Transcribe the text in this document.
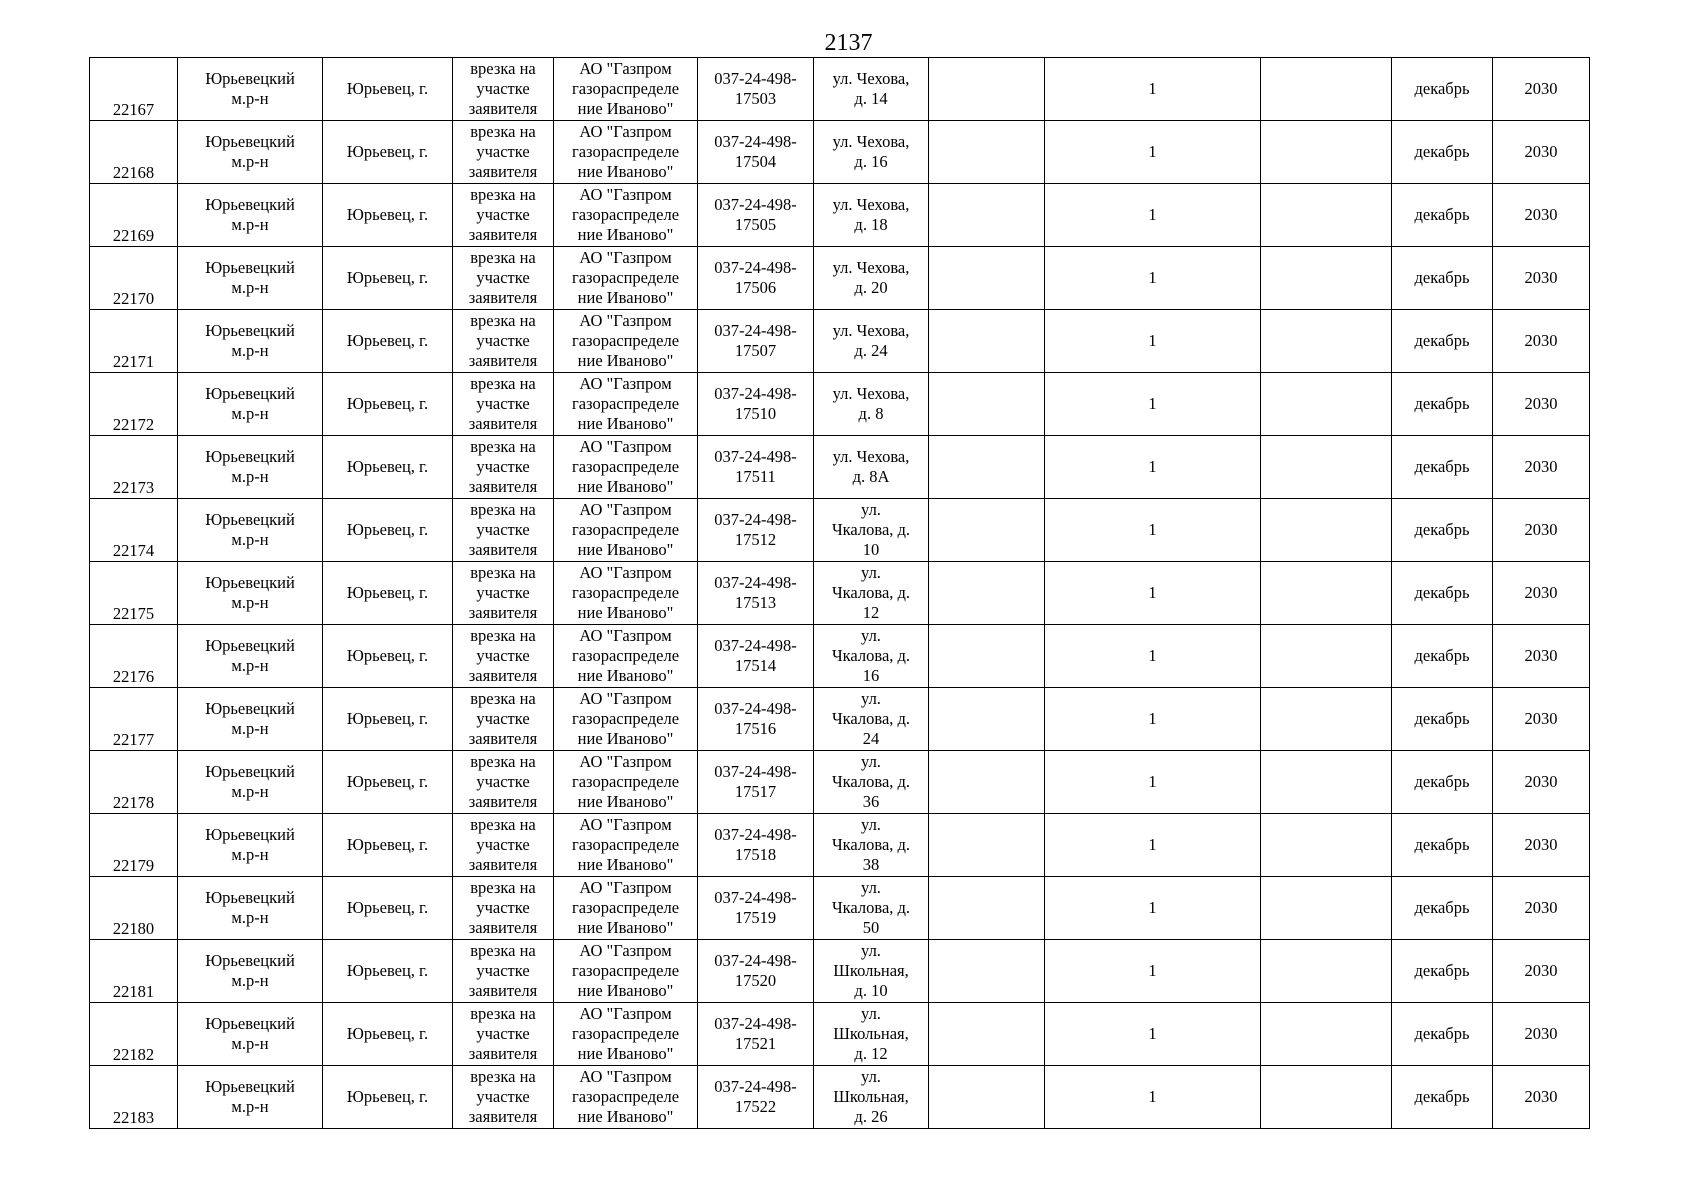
2137
22167	Юрьевецкий
м.р-н	Юрьевец, г.	врезка на
участке
заявителя	АО "Газпром
газораспределе
ние Иваново"	037-24-498-
17503	ул. Чехова,
д. 14		1		декабрь	2030
22168	Юрьевецкий
м.р-н	Юрьевец, г.	врезка на
участке
заявителя	АО "Газпром
газораспределе
ние Иваново"	037-24-498-
17504	ул. Чехова,
д. 16		1		декабрь	2030
22169	Юрьевецкий
м.р-н	Юрьевец, г.	врезка на
участке
заявителя	АО "Газпром
газораспределе
ние Иваново"	037-24-498-
17505	ул. Чехова,
д. 18		1		декабрь	2030
22170	Юрьевецкий
м.р-н	Юрьевец, г.	врезка на
участке
заявителя	АО "Газпром
газораспределе
ние Иваново"	037-24-498-
17506	ул. Чехова,
д. 20		1		декабрь	2030
22171	Юрьевецкий
м.р-н	Юрьевец, г.	врезка на
участке
заявителя	АО "Газпром
газораспределе
ние Иваново"	037-24-498-
17507	ул. Чехова,
д. 24		1		декабрь	2030
22172	Юрьевецкий
м.р-н	Юрьевец, г.	врезка на
участке
заявителя	АО "Газпром
газораспределе
ние Иваново"	037-24-498-
17510	ул. Чехова,
д. 8		1		декабрь	2030
22173	Юрьевецкий
м.р-н	Юрьевец, г.	врезка на
участке
заявителя	АО "Газпром
газораспределе
ние Иваново"	037-24-498-
17511	ул. Чехова,
д. 8А		1		декабрь	2030
22174	Юрьевецкий
м.р-н	Юрьевец, г.	врезка на
участке
заявителя	АО "Газпром
газораспределе
ние Иваново"	037-24-498-
17512	ул.
Чкалова, д.
10		1		декабрь	2030
22175	Юрьевецкий
м.р-н	Юрьевец, г.	врезка на
участке
заявителя	АО "Газпром
газораспределе
ние Иваново"	037-24-498-
17513	ул.
Чкалова, д.
12		1		декабрь	2030
22176	Юрьевецкий
м.р-н	Юрьевец, г.	врезка на
участке
заявителя	АО "Газпром
газораспределе
ние Иваново"	037-24-498-
17514	ул.
Чкалова, д.
16		1		декабрь	2030
22177	Юрьевецкий
м.р-н	Юрьевец, г.	врезка на
участке
заявителя	АО "Газпром
газораспределе
ние Иваново"	037-24-498-
17516	ул.
Чкалова, д.
24		1		декабрь	2030
22178	Юрьевецкий
м.р-н	Юрьевец, г.	врезка на
участке
заявителя	АО "Газпром
газораспределе
ние Иваново"	037-24-498-
17517	ул.
Чкалова, д.
36		1		декабрь	2030
22179	Юрьевецкий
м.р-н	Юрьевец, г.	врезка на
участке
заявителя	АО "Газпром
газораспределе
ние Иваново"	037-24-498-
17518	ул.
Чкалова, д.
38		1		декабрь	2030
22180	Юрьевецкий
м.р-н	Юрьевец, г.	врезка на
участке
заявителя	АО "Газпром
газораспределе
ние Иваново"	037-24-498-
17519	ул.
Чкалова, д.
50		1		декабрь	2030
22181	Юрьевецкий
м.р-н	Юрьевец, г.	врезка на
участке
заявителя	АО "Газпром
газораспределе
ние Иваново"	037-24-498-
17520	ул.
Школьная,
д. 10		1		декабрь	2030
22182	Юрьевецкий
м.р-н	Юрьевец, г.	врезка на
участке
заявителя	АО "Газпром
газораспределе
ние Иваново"	037-24-498-
17521	ул.
Школьная,
д. 12		1		декабрь	2030
22183	Юрьевецкий
м.р-н	Юрьевец, г.	врезка на
участке
заявителя	АО "Газпром
газораспределе
ние Иваново"	037-24-498-
17522	ул.
Школьная,
д. 26		1		декабрь	2030
